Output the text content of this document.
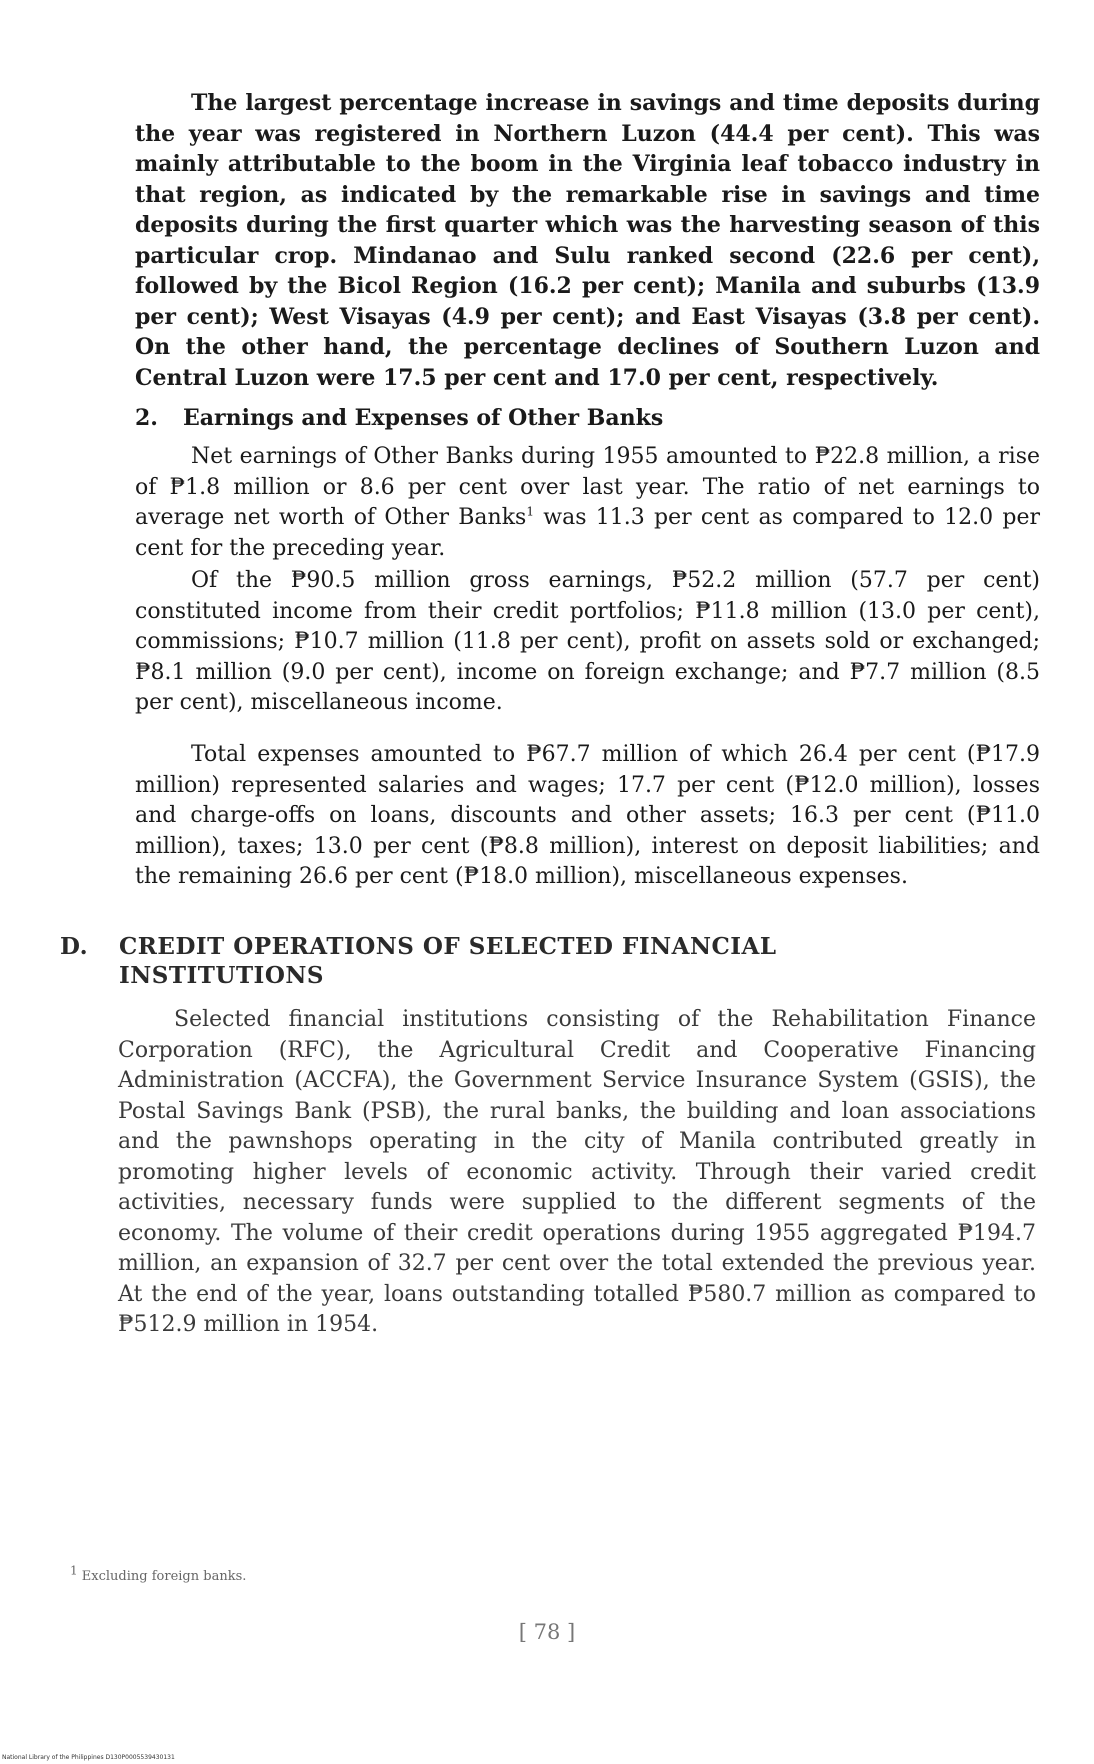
The largest percentage increase in savings and time deposits during the year was registered in Northern Luzon (44.4 per cent). This was mainly attributable to the boom in the Virginia leaf tobacco industry in that region, as indicated by the remarkable rise in savings and time deposits during the first quarter which was the harvesting season of this particular crop. Mindanao and Sulu ranked second (22.6 per cent), followed by the Bicol Region (16.2 per cent); Manila and suburbs (13.9 per cent); West Visayas (4.9 per cent); and East Visayas (3.8 per cent). On the other hand, the percentage declines of Southern Luzon and Central Luzon were 17.5 per cent and 17.0 per cent, respectively.

2. Earnings and Expenses of Other Banks

Net earnings of Other Banks during 1955 amounted to ₱22.8 million, a rise of ₱1.8 million or 8.6 per cent over last year. The ratio of net earnings to average net worth of Other Banks$^1$ was 11.3 per cent as compared to 12.0 per cent for the preceding year.

Of the ₱90.5 million gross earnings, ₱52.2 million (57.7 per cent) constituted income from their credit portfolios; ₱11.8 million (13.0 per cent), commissions; ₱10.7 million (11.8 per cent), profit on assets sold or exchanged; ₱8.1 million (9.0 per cent), income on foreign exchange; and ₱7.7 million (8.5 per cent), miscellaneous income.

Total expenses amounted to ₱67.7 million of which 26.4 per cent (₱17.9 million) represented salaries and wages; 17.7 per cent (₱12.0 million), losses and charge-offs on loans, discounts and other assets; 16.3 per cent (₱11.0 million), taxes; 13.0 per cent (₱8.8 million), interest on deposit liabilities; and the remaining 26.6 per cent (₱18.0 million), miscellaneous expenses.

D. CREDIT OPERATIONS OF SELECTED FINANCIAL INSTITUTIONS

Selected financial institutions consisting of the Rehabilitation Finance Corporation (RFC), the Agricultural Credit and Cooperative Financing Administration (ACCFA), the Government Service Insurance System (GSIS), the Postal Savings Bank (PSB), the rural banks, the building and loan associations and the pawnshops operating in the city of Manila contributed greatly in promoting higher levels of economic activity. Through their varied credit activities, necessary funds were supplied to the different segments of the economy. The volume of their credit operations during 1955 aggregated ₱194.7 million, an expansion of 32.7 per cent over the total extended the previous year. At the end of the year, loans outstanding totalled ₱580.7 million as compared to ₱512.9 million in 1954.

1 Excluding foreign banks.

[ 78 ]

National Library of the Philippines D130P0005539430131
